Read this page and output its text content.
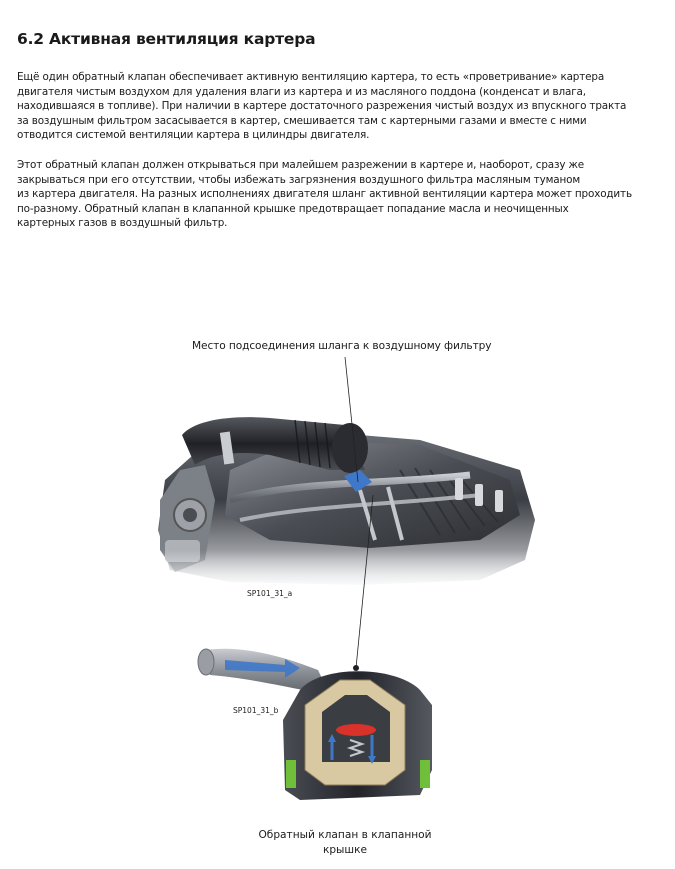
6.2 Активная вентиляция картера

Ещё один обратный клапан обеспечивает активную вентиляцию картера, то есть «проветривание» картера
двигателя чистым воздухом для удаления влаги из картера и из масляного поддона (конденсат и влага,
находившаяся в топливе). При наличии в картере достаточного разрежения чистый воздух из впускного тракта
за воздушным фильтром засасывается в картер, смешивается там с картерными газами и вместе с ними
отводится системой вентиляции картера в цилиндры двигателя.

Этот обратный клапан должен открываться при малейшем разрежении в картере и, наоборот, сразу же
закрываться при его отсутствии, чтобы избежать загрязнения воздушного фильтра масляным туманом
из картера двигателя. На разных исполнениях двигателя шланг активной вентиляции картера может проходить
по-разному. Обратный клапан в клапанной крышке предотвращает попадание масла и неочищенных
картерных газов в воздушный фильтр.

Место подсоединения шланга к воздушному фильтру
SP101_31_a
SP101_31_b
Обратный клапан в клапанной
крышке
